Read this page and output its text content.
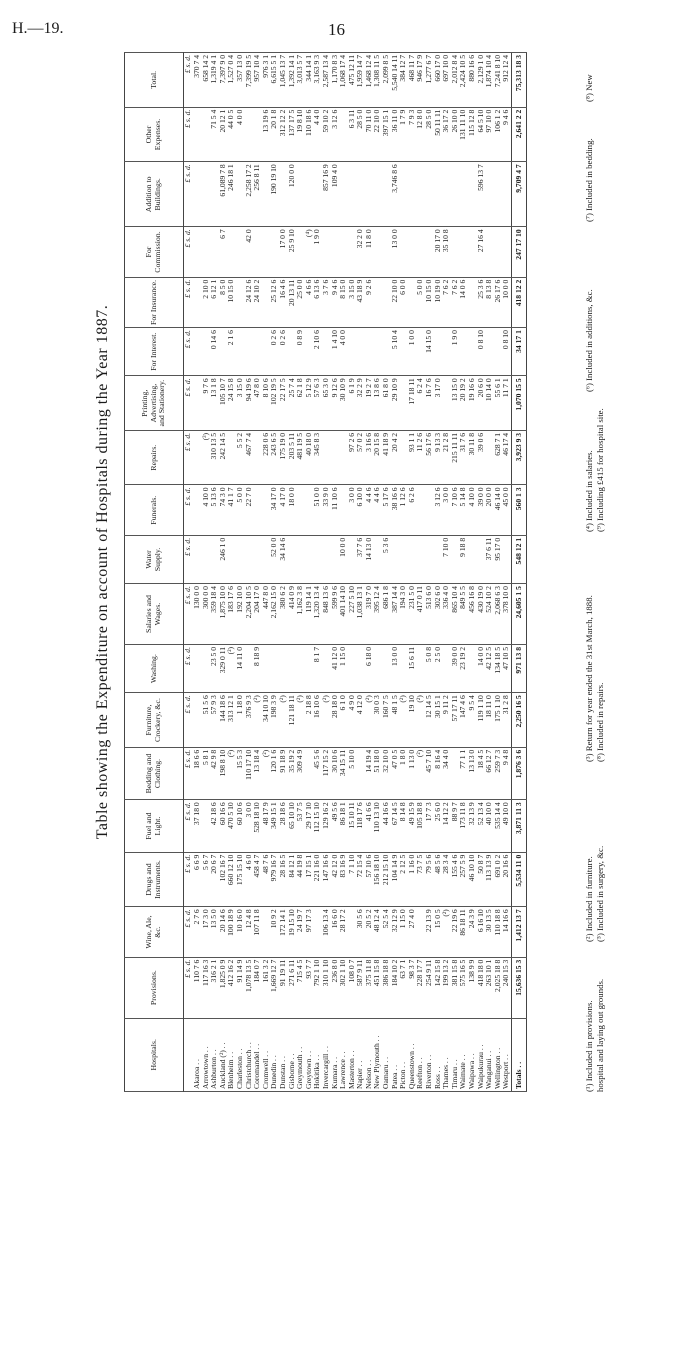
H.—19.	16
Table showing the Expenditure on account of Hospitals during the Year 1887.
Hospitals.	Provisions.	Wine, Ale, &c.	Drugs and Instruments.	Fuel and Light.	Bedding and Clothing.	Furniture, Crockery, &c.	Washing.	Salaries and Wages.	Water Supply.	Funerals.	Repairs.	Printing, Advertising, and Stationery.	For Interest.	For Insurance.	For Commission.	Addition to Buildings.	Other Expenses.	Total.
	£ s. d.	£ s. d.	£ s. d.	£ s. d.	£ s. d.	£ s. d.	£ s. d.	£ s. d.	£ s. d.	£ s. d.	£ s. d.	£ s. d.	£ s. d.	£ s. d.	£ s. d.	£ s. d.	£ s. d.	£ s. d.
Akaroa . .	110 7 6	2 7 6	6 6 9	37 18 0	18 6 6			130 0 0										370 7 4
Arrowtown . .	117 16 3	17 3 0	5 6 7		5 8 1	51 5 6		300 0 0		4 10 0	(³)	9 7 6		2 10 0				658 14 2
Ashburton . .	316 2 1	13 5 0	20 6 7	42 18 6	42 9 8	57 9 3	23 5 0	359 18 4		5 13 6	310 13 5	13 1 8	0 14 6	6 12 1			71 5 4	1,319 4 1
Auckland (²) . .	1,825 0 9	20 14 6	102 16 7	60 16 6	198 8 10	144 18 6	329 0 11	1,875 10 0	246 1 0	74 3 0	242 14 5	105 10 7		8 5 0	6 7	61,089 7 8	20 12 1	7,397 9 0
Blenheim . .	412 16 2	100 18 9	660 12 10	470 5 10	(²)	313 12 1	(²)	183 17 6		41 1 7		24 15 8	2 1 6	10 15 0		246 18 1	44 0 5	1,527 0 4
Charleston . .	91 14 9	10 16 0	175 15 10	60 10 6	15 5 3	1 18 0	14 11 0	192 10 0		5 0 0	5 5 2	3 15 0					4 0 0	357 13 0
Christchurch . .	1,078 13 5	12 4 8	4 6 0	3 0 0	110 17 10	376 9 3		2,204 10 5		22 7 0	467 7 4	94 19 6		24 12 6	42 0	2,258 17 2		7,399 19 5
Coromandel . .	184 0 7	107 11 8	458 4 7	528 18 10	13 18 4	(²)	8 18 9	204 17 0				47 8 0		24 10 2		256 8 11		957 10 4
Cromwell . .	161 3 2		48 7 6	48 17 9	(²)	34 10 10		447 8 0			228 0 6	8 10 6					13 19 6	976 3 1
Dunedin . .	1,669 12 7	10 9 2	979 16 7	349 15 1	120 1 6	198 3 9		2,162 15 0	52 0 0	34 17 0	243 6 5	102 19 5	0 2 6	25 12 6		190 19 10	20 1 8	6,615 5 1
Dunstan . .	91 19 11	172 14 1	28 16 5	28 18 6	91 18 9	(²)		380 6 2	34 14 6	4 17 0	175 19 0	22 17 5	0 2 6	16 4 6	17 0 0		312 12 2	1,045 13 7
Gisborne . .	271 6 11	19 15 10	84 12 1	65 10 10	35 19 2	121 18 11		414 0 9		18 0 0	203 5 11	25 7 4		20 13 11	25 9 10	120 0 0	137 17 5	1,392 14 1
Greymouth . .	715 4 5	24 19 7	44 19 8	53 7 5	309 4 9	(²)		1,162 3 8			481 19 5	62 1 8	0 8 9	25 0 0			19 8 10	3,013 5 7
Greytown . .	93 7 7	97 17 3	17 15 1	29 17 10		2 18 8		119 14 1			40 18 0	5 12 9		4 6 6	(⁴)		110 18 6	344 14 1
Hokitika . .	792 1 10		221 16 0	112 15 10	45 5 6	16 10 6	8 1 7	1,320 13 4		51 0 0	345 8 3	57 6 3	2 10 6	6 13 6	1 9 0		4 4 0	3,163 9 3
Invercargill . .	310 1 10	106 13 4	147 16 6	129 16 2	117 15 2	(²)		848 13 6		33 9 0		65 3 0		3 7 6		857 16 9	59 10 2	2,587 13 4
Kumara . .	236 8 0	16 6 0	42 12 0	49 5 6	30 10 6	28 18 0	41 12 0	599 9 6		11 10 6		9 12 6	1 4 10	9 4 6		109 4 0	3 12 6	1,170 8 3
Lawrence . .	302 1 10	28 17 2	83 16 9	86 18 1	34 15 11	6 1 0	1 15 0	401 14 10	10 0 0			30 10 9	4 0 0	8 15 0				1,068 17 4
Masterton . .	108 0 7		7 1 10	15 10 11	5 10 0	4 9 0		227 5 10		3 0 0	97 2 6	6 1 9		3 15 0			6 3 11	475 12 11
Napier . .	587 9 11	30 5 6	72 15 4	118 17 6		4 12 0		1,038 13 1	37 7 6	6 10 0	57 0 2	32 2 9		43 18 9	32 2 0		28 5 0	1,959 14 7
Nelson . .	375 11 8	20 5 2	57 10 6	41 6 6	14 19 4	(²)	6 18 0	319 7 0	14 13 0	4 4 6	3 16 6	19 2 7		9 2 6	11 8 0		70 11 0	1,468 12 4
New Plymouth . .	451 15 8	48 12 4	156 18 10	110 13 10	51 18 0	30 0 3		395 12 4		4 4 6	20 15 8	13 8 6					22 10 0	1,308 11 5
Oamaru . .	386 18 8	52 5 4	212 15 10	44 16 6	32 10 0	160 7 5		686 1 8	5 3 6	5 17 6	41 18 9	61 8 0					397 15 1	2,099 8 5
Patea . .	184 10 2	32 12 9	104 14 9	67 14 5	47 0 5	48 1 5	13 0 0	387 14 4		38 16 6	20 4 2	29 10 9	5 10 4	22 10 0	13 0 0	3,746 8 6	36 11 0	5,540 14 11
Picton . .	63 7 1	1 15 0	2 12 5	8 14 8	1 8 0	(²)		194 3 0		1 12 6				6 0 0			1 7 9	384 12 7
Queenstown . .	98 3 7	27 4 0	1 16 0	49 15 9	1 13 0	19 10	15 6 11	231 5 0		6 2 6	93 1 1	17 18 11	1 0 0				7 9 3	468 11 7
Reefton . .	228 17 7		73 7 5	105 18 8	(²)	(²)		417 0 11			11 2 6	6 2 4		5 0 0			12 8 0	946 17 9
Riverton . .	254 9 11	22 13 9	79 5 6	17 7 3	45 7 10	12 14 5	5 0 8	513 6 0			56 17 6	16 7 6	14 15 0	10 15 0			28 5 0	1,277 6 7
Ross . .	142 15 8	15 0 5	48 5 6	25 6 0	8 16 4	30 15 1	2 5 0	302 6 0		3 12 6	9 13 3	3 17 0		10 19 0	20 17 0		50 11 11	660 17 0
Thames . .	199 13 2	(²)	28 3 4	14 12 2	34 4 0	9 11 2		336 4 0	7 10 0	3 0 0	21 2 8			7 6 2	35 10 8		36 17 2	697 10 0
Timaru . .	381 15 8	22 19 6	155 4 6	88 9 7		57 17 11	39 0 0	865 10 4		7 10 6	215 11 11	13 15 0	1 9 0	7 6 2			26 10 0	2,012 8 4
Waimate . .	575 16 5	86 18 11	257 5 9	173 11 8	77 1 1	147 4 6	23 19 2	849 5 5	9 18 8	5 14 8	31 7 6	20 19 2		14 0 6			131 11 10	2,424 10 5
Waipawa . .	138 9 9	24 3 9	46 10 10	32 13 9	13 13 0	9 5 4		456 16 8		4 10 0	30 11 8	19 16 6					115 12 8	880 16 6
Waipukurau . .	418 18 0	6 16 10	50 8 7	52 13 4	18 4 5	119 1 10	14 0 0	430 19 0		39 0 0	39 0 6	20 6 0	0 8 10	25 3 6	27 16 4	596 13 7	64 5 10	2,129 1 0
Wanganui . .	263 10 1	30 13 5	113 13 9	40 10 0	66 12 7	18 11 0	42 12 5	524 10 2	37 6 11	20 0 0		10 14 0		8 13 8			97 10 0	1,874 10 4
Wellington . .	2,025 18 8	110 18 8	691 0 2	535 14 4	259 7 3	175 1 10	134 18 5	2,068 6 3	95 17 0	46 14 0	628 7 1	55 6 1		26 17 6			106 1 2	7,241 8 10
Westport . .	240 15 3	14 16 6	20 16 6	49 10 0	9 4 8	31 2 8	47 10 5	378 10 0		45 0 0	46 17 4	11 7 1	0 8 10	10 0 0			9 4 6	912 12 4
Totals . .	15,636 15 3	1,412 13 7	5,534 11 0	3,871 11 3	1,876 3 6	2,250 16 5	971 13 8	24,605 1 5	548 12 1	560 1 3	3,923 9 3	1,070 15 5	34 17 1	418 12 2	247 17 10	9,709 4 7	2,641 2 2	75,313 18 3
(¹) Included in provisions. hospital and laying out grounds.
(²) Included in furniture. (⁵) Included in surgery, &c.
(³) Return for year ended the 31st March, 1888. (⁸) Included in repairs.
(⁴) Included in salaries. (⁹) Including £415 for hospital site.
(⁶) Included in additions, &c.
(⁷) Included in bedding.
(⁸) New
